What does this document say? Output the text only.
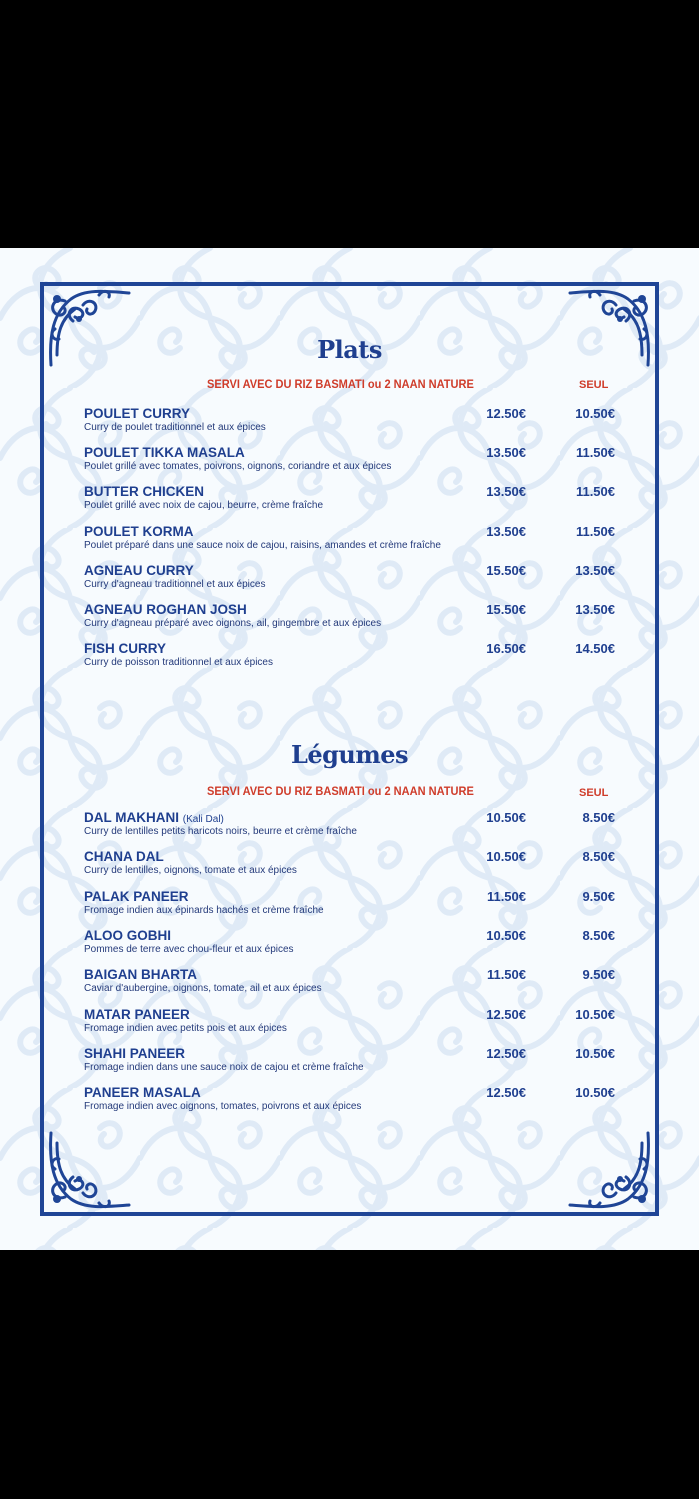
Plats
SERVI AVEC DU RIZ BASMATI ou 2 NAAN NATURE	SEUL
POULET CURRY
Curry de poulet traditionnel et aux épices
12.50€	10.50€
POULET TIKKA MASALA
Poulet grillé avec tomates, poivrons, oignons, coriandre et aux épices
13.50€	11.50€
BUTTER CHICKEN
Poulet grillé avec noix de cajou, beurre, crème fraîche
13.50€	11.50€
POULET KORMA
Poulet préparé dans une sauce noix de cajou, raisins, amandes et crème fraîche
13.50€	11.50€
AGNEAU CURRY
Curry d'agneau traditionnel et aux épices
15.50€	13.50€
AGNEAU ROGHAN JOSH
Curry d'agneau préparé avec oignons, ail, gingembre et aux épices
15.50€	13.50€
FISH CURRY
Curry de poisson traditionnel et aux épices
16.50€	14.50€
Légumes
SERVI AVEC DU RIZ BASMATI ou 2 NAAN NATURE	SEUL
DAL MAKHANI (Kali Dal)
Curry de lentilles petits haricots noirs, beurre et crème fraîche
10.50€	8.50€
CHANA DAL
Curry de lentilles, oignons, tomate et aux épices
10.50€	8.50€
PALAK PANEER
Fromage indien aux épinards hachés et crème fraîche
11.50€	9.50€
ALOO GOBHI
Pommes de terre avec chou-fleur et aux épices
10.50€	8.50€
BAIGAN BHARTA
Caviar d'aubergine, oignons, tomate, ail et aux épices
11.50€	9.50€
MATAR PANEER
Fromage indien avec petits pois et aux épices
12.50€	10.50€
SHAHI PANEER
Fromage indien dans une sauce noix de cajou et crème fraîche
12.50€	10.50€
PANEER MASALA
Fromage indien avec oignons, tomates, poivrons et aux épices
12.50€	10.50€
